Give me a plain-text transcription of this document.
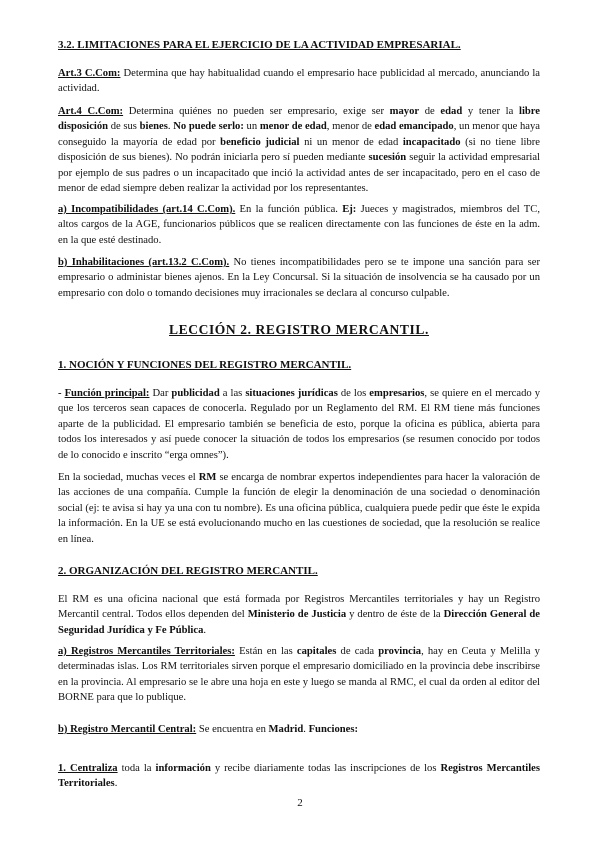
3.2. LIMITACIONES PARA EL EJERCICIO DE LA ACTIVIDAD EMPRESARIAL.

Art.3 C.Com: Determina que hay habitualidad cuando el empresario hace publicidad al mercado, anunciando la actividad.

Art.4 C.Com: Determina quiénes no pueden ser empresario, exige ser mayor de edad y tener la libre disposición de sus bienes. No puede serlo: un menor de edad, menor de edad emancipado, un menor que haya conseguido la mayoría de edad por beneficio judicial ni un menor de edad incapacitado (si no tiene libre disposición de sus bienes). No podrán iniciarla pero sí pueden mediante sucesión seguir la actividad empresarial por ejemplo de sus padres o un incapacitado que inció la actividad antes de ser incapacitado, pero en el caso de menor de edad siempre deben realizar la actividad por los representantes.

a) Incompatibilidades (art.14 C.Com). En la función pública. Ej: Jueces y magistrados, miembros del TC, altos cargos de la AGE, funcionarios públicos que se realicen directamente con las funciones de éste en la adm. en la que esté destinado.

b) Inhabilitaciones (art.13.2 C.Com). No tienes incompatibilidades pero se te impone una sanción para ser empresario o administar bienes ajenos. En la Ley Concursal. Si la situación de insolvencia se ha causado por un empresario con dolo o tomando decisiones muy irracionales se declara al concurso culpable.

LECCIÓN 2. REGISTRO MERCANTIL.

1. NOCIÓN Y FUNCIONES DEL REGISTRO MERCANTIL.

- Función principal: Dar publicidad a las situaciones jurídicas de los empresarios, se quiere en el mercado y que los terceros sean capaces de conocerla. Regulado por un Reglamento del RM. El RM tiene más funciones aparte de la publicidad. El empresario también se beneficia de esto, porque la oficina es pública, abierta para todos los interesados y así puede conocer la situación de todos los empresarios (se resumen conocido por todos de lo conocido e inscrito “erga omnes”).

En la sociedad, muchas veces el RM se encarga de nombrar expertos independientes para hacer la valoración de las acciones de una compañía. Cumple la función de elegir la denominación de una sociedad o denominación social (ej: te avisa si hay ya una con tu nombre). Es una oficina pública, cualquiera puede pedir que éste le expida la información. En la UE se está evolucionando mucho en las cuestiones de sociedad, que la resolución se realice en línea.

2. ORGANIZACIÓN DEL REGISTRO MERCANTIL.

El RM es una oficina nacional que está formada por Registros Mercantiles territoriales y hay un Registro Mercantil central. Todos ellos dependen del Ministerio de Justicia y dentro de éste de la Dirección General de Seguridad Jurídica y Fe Pública.

a) Registros Mercantiles Territoriales: Están en las capitales de cada provincia, hay en Ceuta y Melilla y determinadas islas. Los RM territoriales sirven porque el empresario domiciliado en la provincia debe inscribirse en la provincia. Al empresario se le abre una hoja en este y luego se manda al RMC, el cual da orden al editor del BORNE para que lo publique.

b) Registro Mercantil Central: Se encuentra en Madrid. Funciones:

1. Centraliza toda la información y recibe diariamente todas las inscripciones de los Registros Mercantiles Territoriales.

2
